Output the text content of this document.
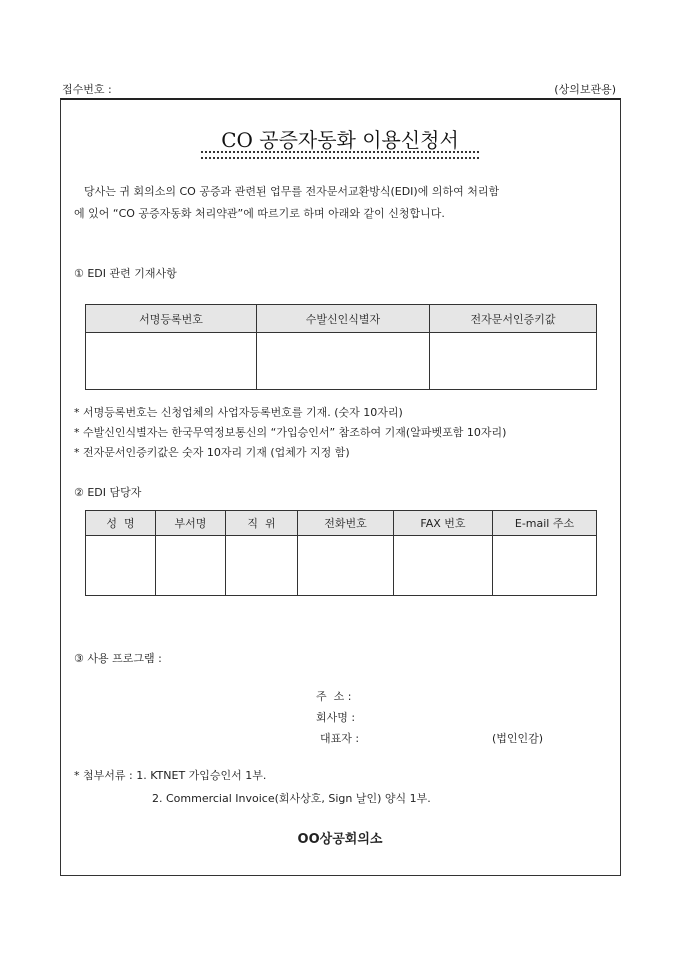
접수번호 :	(상의보관용)
CO 공증자동화 이용신청서
당사는 귀 회의소의 CO 공증과 관련된 업무를 전자문서교환방식(EDI)에 의하여 처리함
에 있어 “CO 공증자동화 처리약관”에 따르기로 하며 아래와 같이 신청합니다.
① EDI 관련 기재사항
서명등록번호	수발신인식별자	전자문서인증키값

* 서명등록번호는 신청업체의 사업자등록번호를 기재. (숫자 10자리)
* 수발신인식별자는 한국무역정보통신의 “가입승인서” 참조하여 기재(알파벳포함 10자리)
* 전자문서인증키값은 숫자 10자리 기재 (업체가 지정 함)
② EDI 담당자
성  명	부서명	직  위	전화번호	FAX 번호	E-mail 주소

③ 사용 프로그램 :
주  소 :
회사명 :
대표자 :	(법인인감)
* 첨부서류 : 1. KTNET 가입승인서 1부.
2. Commercial Invoice(회사상호, Sign 날인) 양식 1부.
OO상공회의소
